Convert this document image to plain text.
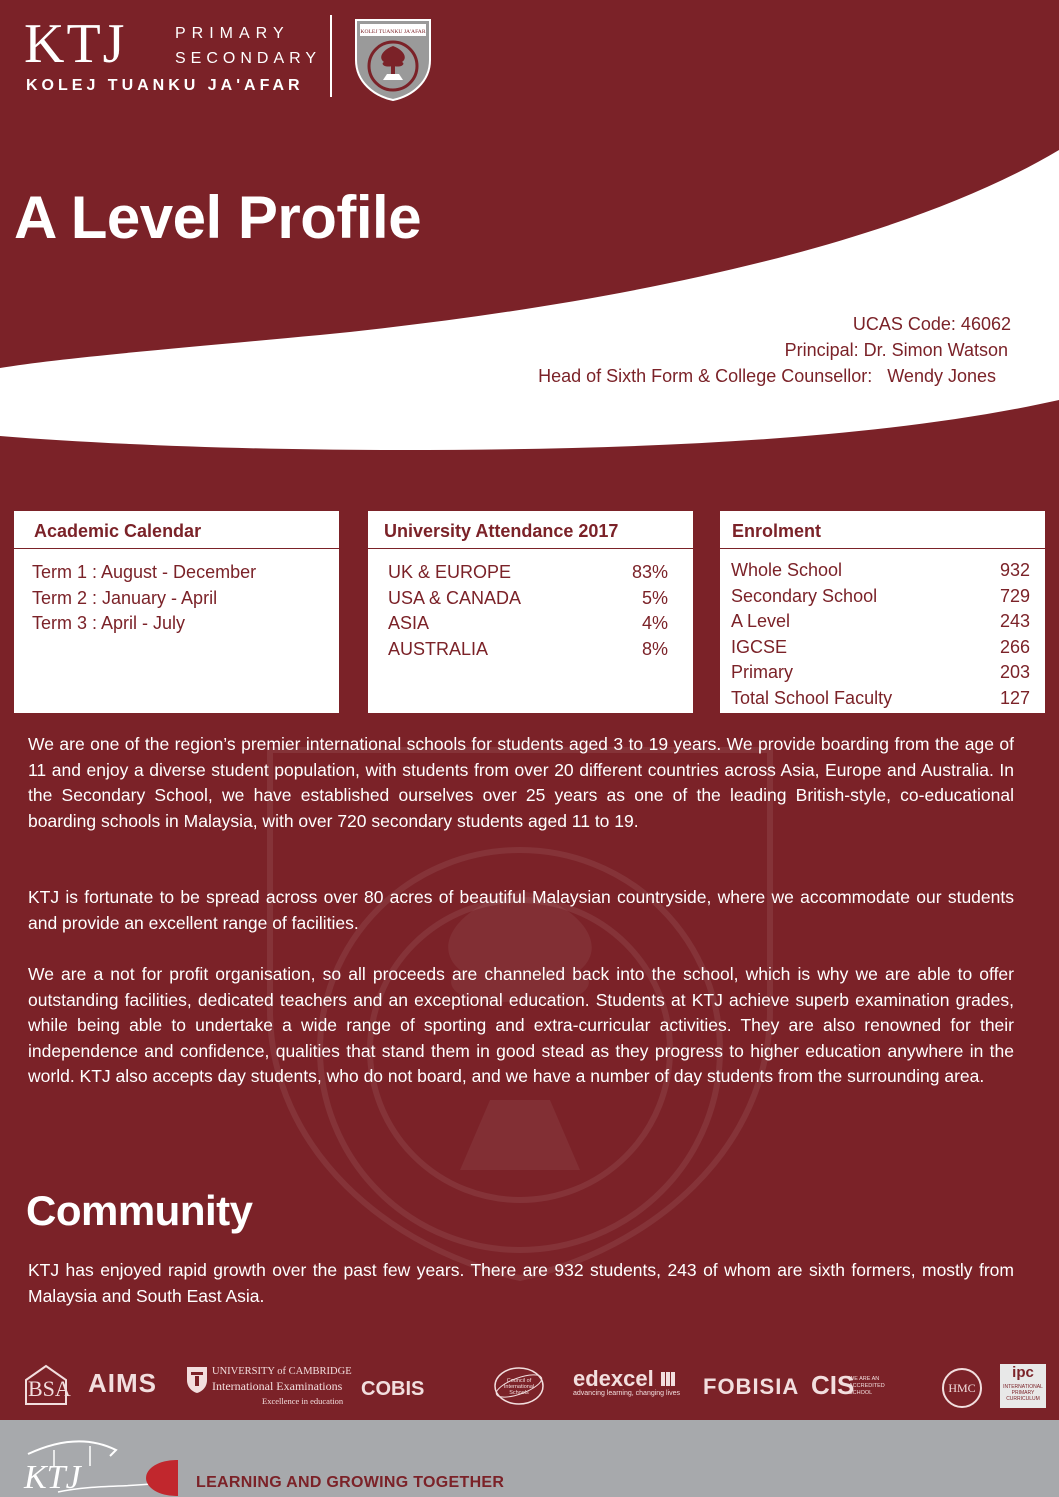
KTJ	PRIMARY
SECONDARY
KOLEJ TUANKU JA'AFAR
KOLEJ TUANKU JA'AFAR
A Level Profile
UCAS Code: 46062
Principal: Dr. Simon Watson
Head of Sixth Form & College Counsellor:   Wendy Jones
Academic Calendar
Term 1 : August - December
Term 2 : January - April
Term 3 : April - July
University Attendance 2017
UK & EUROPE	83%
USA & CANADA	5%
ASIA	4%
AUSTRALIA	8%
Enrolment
Whole School	932
Secondary School	729
A Level	243
IGCSE	266
Primary	203
Total School Faculty	127
We are one of the region’s premier international schools for students aged 3 to 19 years. We provide boarding from the age of 11 and enjoy a diverse student population, with students from over 20 different countries across Asia, Europe and Australia. In the Secondary School, we have established ourselves over 25 years as one of the leading British-style, co-educational boarding schools in Malaysia, with over 720 secondary students aged 11 to 19.
KTJ is fortunate to be spread across over 80 acres of beautiful Malaysian countryside, where we accommodate our students and provide an excellent range of facilities.
We are a not for profit organisation, so all proceeds are channeled back into the school, which is why we are able to offer outstanding facilities, dedicated teachers and an exceptional education. Students at KTJ achieve superb examination grades, while being able to undertake a wide range of sporting and extra-curricular activities. They are also renowned for their independence and confidence, qualities that stand them in good stead as they progress to higher education anywhere in the world. KTJ also accepts day students, who do not board, and we have a number of day students from the surrounding area.
Community
KTJ has enjoyed rapid growth over the past few years. There are 932 students, 243 of whom are sixth formers, mostly from Malaysia and South East Asia.
BSA AIMS	UNIVERSITY of CAMBRIDGE
International Examinations
Excellence in education
COBIS	Council of International Schools
edexcel
advancing learning, changing lives FOBISIA CIS
WE ARE AN ACCREDITED SCHOOL	HMC
ipc
INTERNATIONAL PRIMARY CURRICULUM
KTJ	LEARNING AND GROWING TOGETHER
